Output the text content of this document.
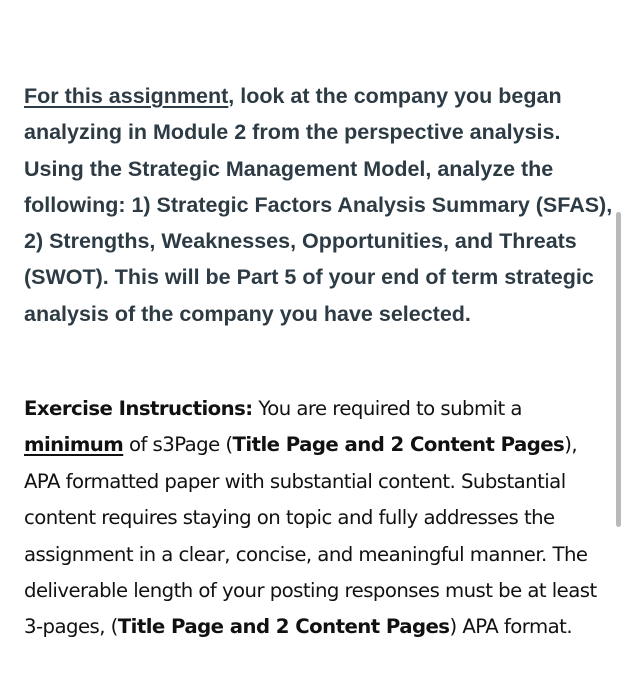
For this assignment, look at the company you began analyzing in Module 2 from the perspective analysis. Using the Strategic Management Model, analyze the following: 1) Strategic Factors Analysis Summary (SFAS), 2) Strengths, Weaknesses, Opportunities, and Threats (SWOT). This will be Part 5 of your end of term strategic analysis of the company you have selected.

Exercise Instructions: You are required to submit a minimum of s3Page (Title Page and 2 Content Pages), APA formatted paper with substantial content. Substantial content requires staying on topic and fully addresses the assignment in a clear, concise, and meaningful manner. The deliverable length of your posting responses must be at least 3-pages, (Title Page and 2 Content Pages) APA format.
